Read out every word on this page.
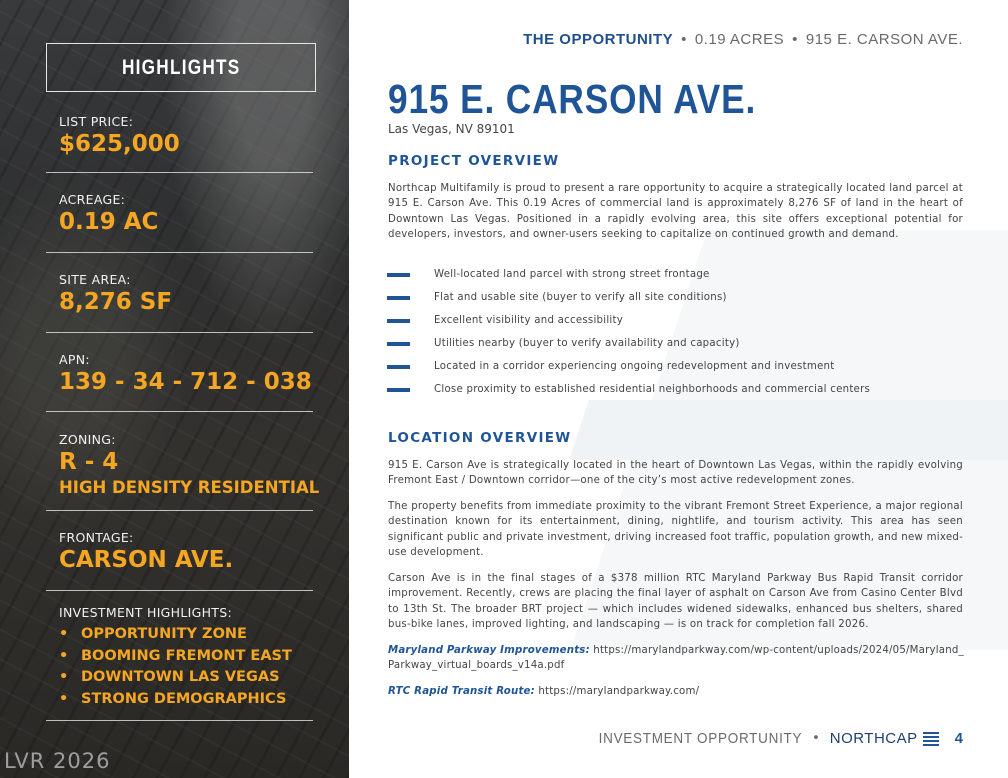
HIGHLIGHTS
LIST PRICE:
$625,000
ACREAGE:
0.19 AC
SITE AREA:
8,276 SF
APN:
139 - 34 - 712 - 038
ZONING:
R - 4
HIGH DENSITY RESIDENTIAL
FRONTAGE:
CARSON AVE.
INVESTMENT HIGHLIGHTS:
• OPPORTUNITY ZONE
• BOOMING FREMONT EAST
• DOWNTOWN LAS VEGAS
• STRONG DEMOGRAPHICS
LVR 2026
THE OPPORTUNITY • 0.19 ACRES • 915 E. CARSON AVE.
915 E. CARSON AVE.
Las Vegas, NV 89101
PROJECT OVERVIEW
Northcap Multifamily is proud to present a rare opportunity to acquire a strategically located land parcel at 915 E. Carson Ave. This 0.19 Acres of commercial land is approximately 8,276 SF of land in the heart of Downtown Las Vegas. Positioned in a rapidly evolving area, this site offers exceptional potential for developers, investors, and owner-users seeking to capitalize on continued growth and demand.
Well-located land parcel with strong street frontage
Flat and usable site (buyer to verify all site conditions)
Excellent visibility and accessibility
Utilities nearby (buyer to verify availability and capacity)
Located in a corridor experiencing ongoing redevelopment and investment
Close proximity to established residential neighborhoods and commercial centers
LOCATION OVERVIEW
915 E. Carson Ave is strategically located in the heart of Downtown Las Vegas, within the rapidly evolving Fremont East / Downtown corridor—one of the city’s most active redevelopment zones.
The property benefits from immediate proximity to the vibrant Fremont Street Experience, a major regional destination known for its entertainment, dining, nightlife, and tourism activity. This area has seen significant public and private investment, driving increased foot traffic, population growth, and new mixed-use development.
Carson Ave is in the final stages of a $378 million RTC Maryland Parkway Bus Rapid Transit corridor improvement. Recently, crews are placing the final layer of asphalt on Carson Ave from Casino Center Blvd to 13th St. The broader BRT project — which includes widened sidewalks, enhanced bus shelters, shared bus-bike lanes, improved lighting, and landscaping — is on track for completion fall 2026.
Maryland Parkway Improvements: https://marylandparkway.com/wp-content/uploads/2024/05/Maryland_Parkway_virtual_boards_v14a.pdf
RTC Rapid Transit Route: https://marylandparkway.com/
INVESTMENT OPPORTUNITY • NORTHCAP 4
